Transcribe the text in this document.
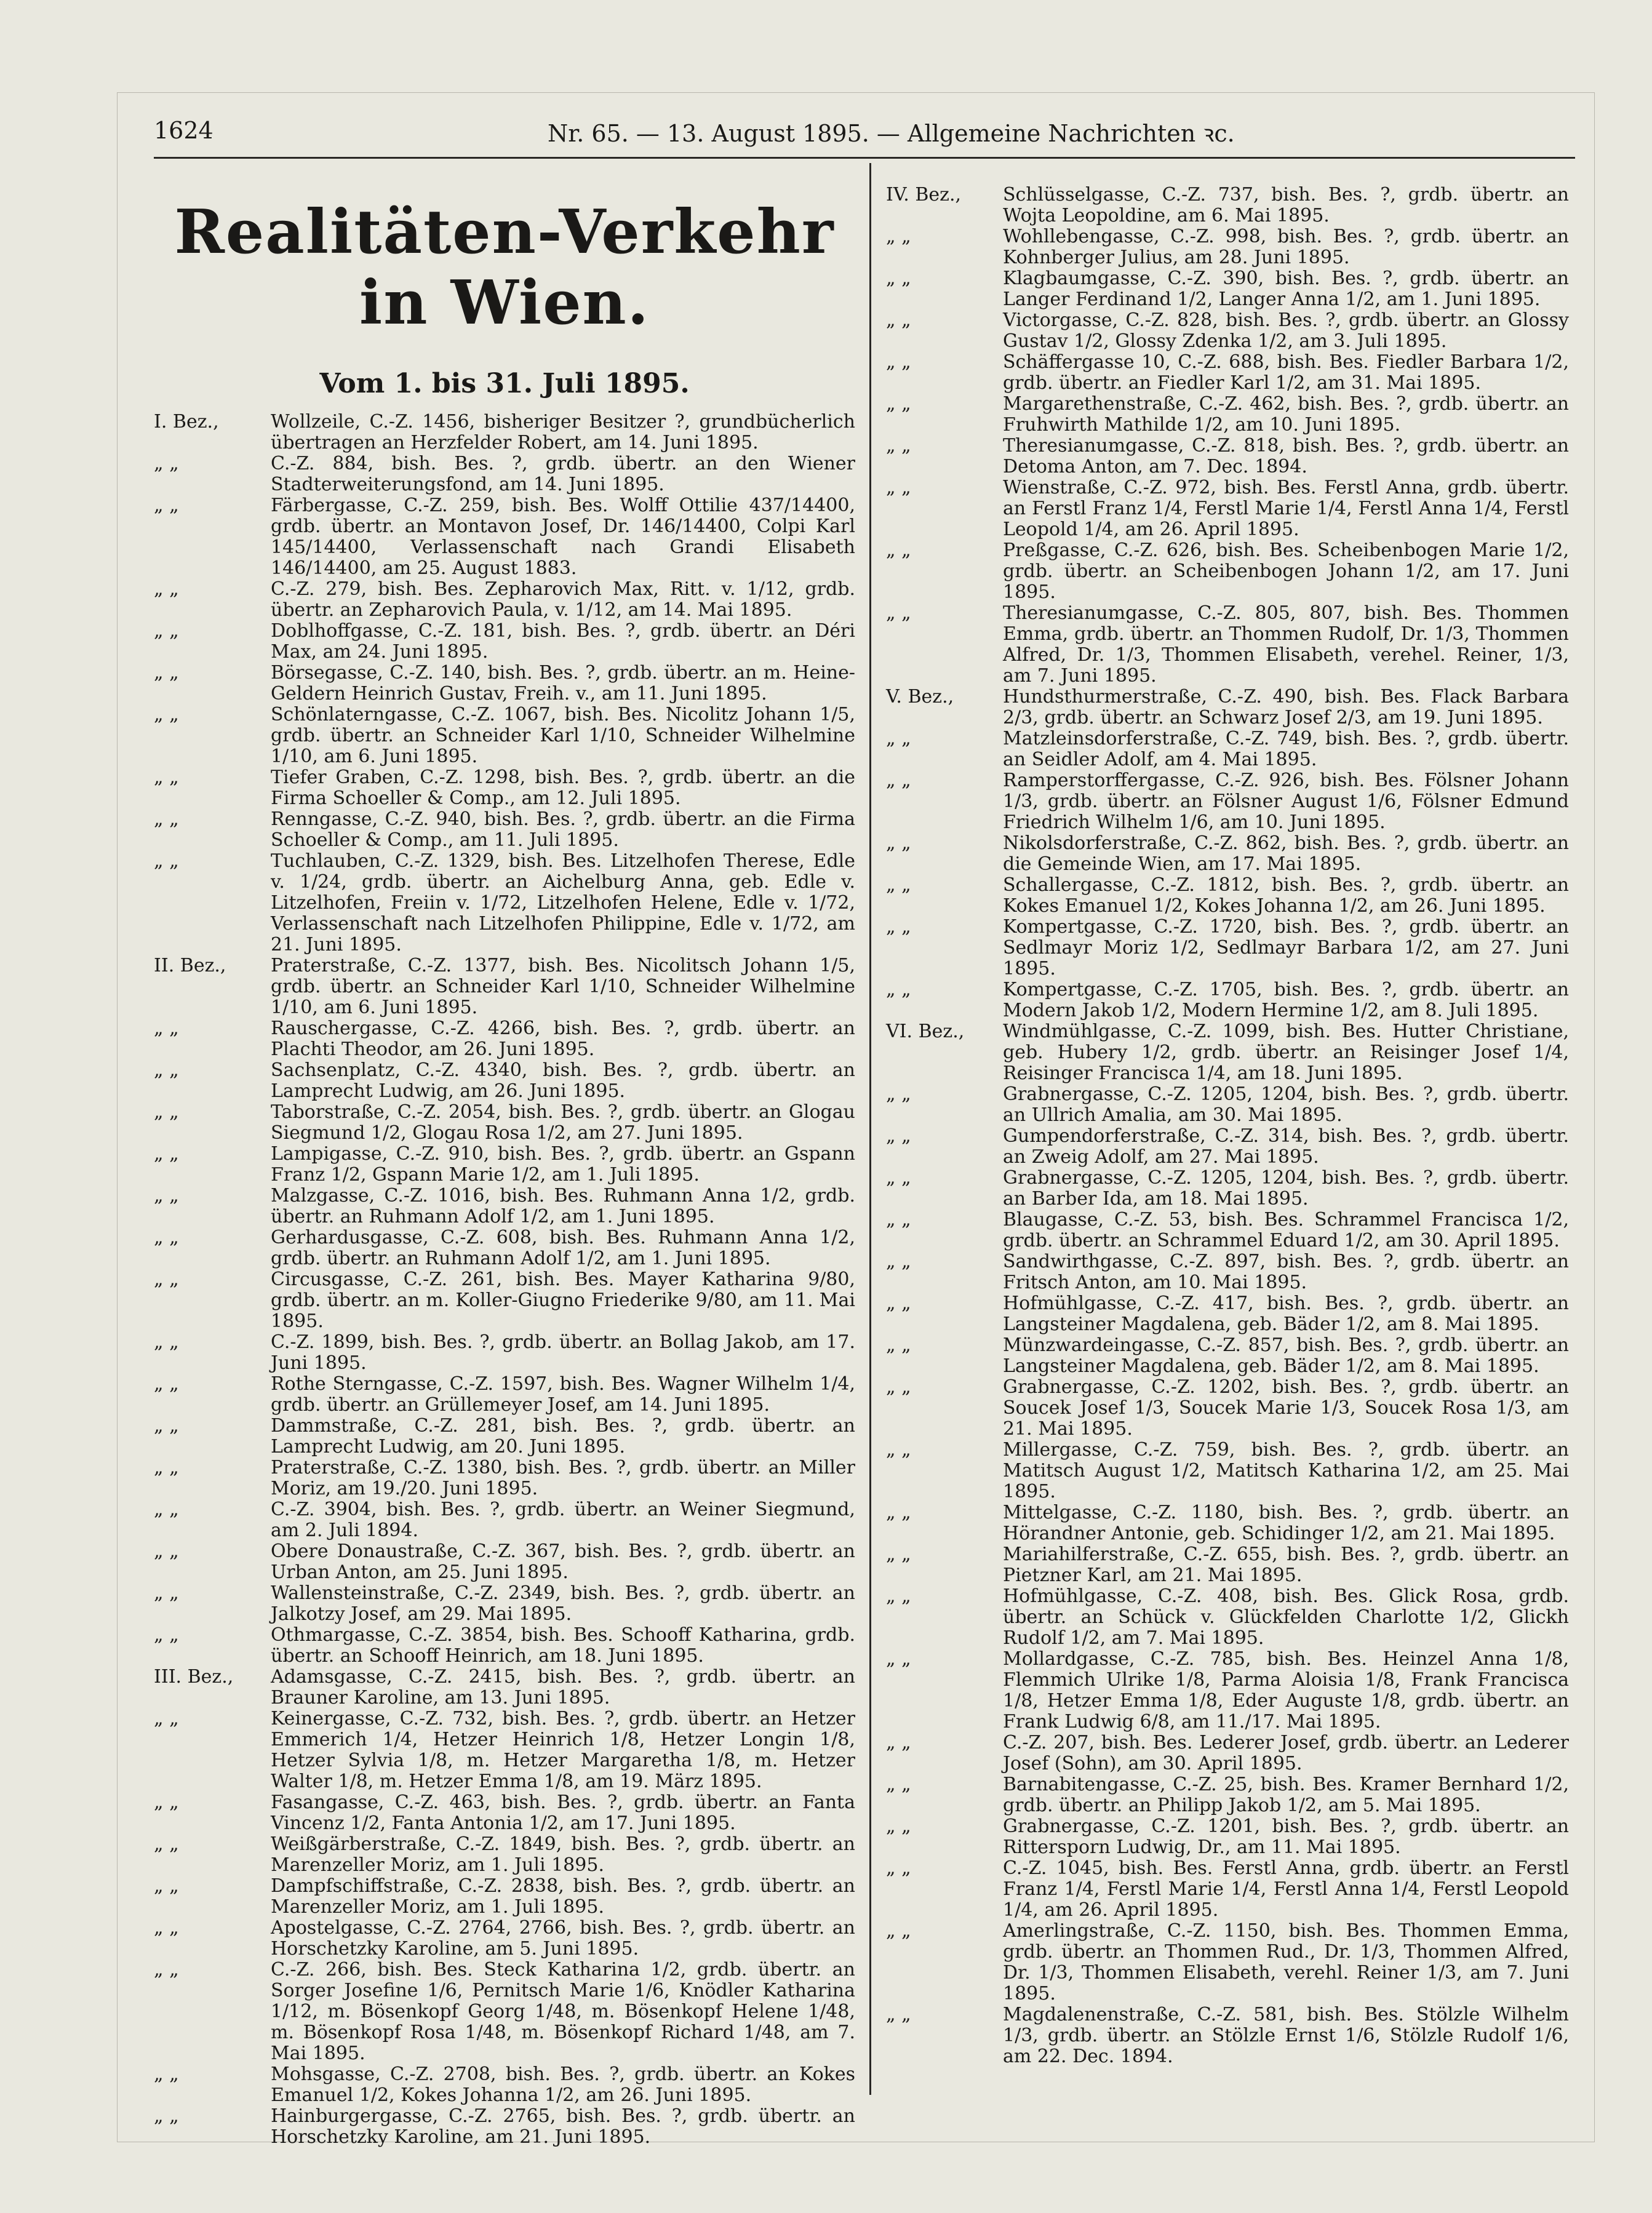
1624	Nr. 65. — 13. August 1895. — Allgemeine Nachrichten ꝛc.
Realitäten-Verkehr in Wien.
Vom 1. bis 31. Juli 1895.
I. Bez.,	Wollzeile, C.-Z. 1456, bisheriger Besitzer ?, grundbücherlich übertragen an Herzfelder Robert, am 14. Juni 1895.
„ „	C.-Z. 884, bish. Bes. ?, grdb. übertr. an den Wiener Stadterweiterungsfond, am 14. Juni 1895.
„ „	Färbergasse, C.-Z. 259, bish. Bes. Wolff Ottilie 437/14400, grdb. übertr. an Montavon Josef, Dr. 146/14400, Colpi Karl 145/14400, Verlassenschaft nach Grandi Elisabeth 146/14400, am 25. August 1883.
„ „	C.-Z. 279, bish. Bes. Zepharovich Max, Ritt. v. 1/12, grdb. übertr. an Zepharovich Paula, v. 1/12, am 14. Mai 1895.
„ „	Doblhoffgasse, C.-Z. 181, bish. Bes. ?, grdb. übertr. an Déri Max, am 24. Juni 1895.
„ „	Börsegasse, C.-Z. 140, bish. Bes. ?, grdb. übertr. an m. Heine-Geldern Heinrich Gustav, Freih. v., am 11. Juni 1895.
„ „	Schönlaterngasse, C.-Z. 1067, bish. Bes. Nicolitz Johann 1/5, grdb. übertr. an Schneider Karl 1/10, Schneider Wilhelmine 1/10, am 6. Juni 1895.
„ „	Tiefer Graben, C.-Z. 1298, bish. Bes. ?, grdb. übertr. an die Firma Schoeller & Comp., am 12. Juli 1895.
„ „	Renngasse, C.-Z. 940, bish. Bes. ?, grdb. übertr. an die Firma Schoeller & Comp., am 11. Juli 1895.
„ „	Tuchlauben, C.-Z. 1329, bish. Bes. Litzelhofen Therese, Edle v. 1/24, grdb. übertr. an Aichelburg Anna, geb. Edle v. Litzelhofen, Freiin v. 1/72, Litzelhofen Helene, Edle v. 1/72, Verlassenschaft nach Litzelhofen Philippine, Edle v. 1/72, am 21. Juni 1895.
II. Bez.,	Praterstraße, C.-Z. 1377, bish. Bes. Nicolitsch Johann 1/5, grdb. übertr. an Schneider Karl 1/10, Schneider Wilhelmine 1/10, am 6. Juni 1895.
„ „	Rauschergasse, C.-Z. 4266, bish. Bes. ?, grdb. übertr. an Plachti Theodor, am 26. Juni 1895.
„ „	Sachsenplatz, C.-Z. 4340, bish. Bes. ?, grdb. übertr. an Lamprecht Ludwig, am 26. Juni 1895.
„ „	Taborstraße, C.-Z. 2054, bish. Bes. ?, grdb. übertr. an Glogau Siegmund 1/2, Glogau Rosa 1/2, am 27. Juni 1895.
„ „	Lampigasse, C.-Z. 910, bish. Bes. ?, grdb. übertr. an Gspann Franz 1/2, Gspann Marie 1/2, am 1. Juli 1895.
„ „	Malzgasse, C.-Z. 1016, bish. Bes. Ruhmann Anna 1/2, grdb. übertr. an Ruhmann Adolf 1/2, am 1. Juni 1895.
„ „	Gerhardusgasse, C.-Z. 608, bish. Bes. Ruhmann Anna 1/2, grdb. übertr. an Ruhmann Adolf 1/2, am 1. Juni 1895.
„ „	Circusgasse, C.-Z. 261, bish. Bes. Mayer Katharina 9/80, grdb. übertr. an m. Koller-Giugno Friederike 9/80, am 11. Mai 1895.
„ „	C.-Z. 1899, bish. Bes. ?, grdb. übertr. an Bollag Jakob, am 17. Juni 1895.
„ „	Rothe Sterngasse, C.-Z. 1597, bish. Bes. Wagner Wilhelm 1/4, grdb. übertr. an Grüllemeyer Josef, am 14. Juni 1895.
„ „	Dammstraße, C.-Z. 281, bish. Bes. ?, grdb. übertr. an Lamprecht Ludwig, am 20. Juni 1895.
„ „	Praterstraße, C.-Z. 1380, bish. Bes. ?, grdb. übertr. an Miller Moriz, am 19./20. Juni 1895.
„ „	C.-Z. 3904, bish. Bes. ?, grdb. übertr. an Weiner Siegmund, am 2. Juli 1894.
„ „	Obere Donaustraße, C.-Z. 367, bish. Bes. ?, grdb. übertr. an Urban Anton, am 25. Juni 1895.
„ „	Wallensteinstraße, C.-Z. 2349, bish. Bes. ?, grdb. übertr. an Jalkotzy Josef, am 29. Mai 1895.
„ „	Othmargasse, C.-Z. 3854, bish. Bes. Schooff Katharina, grdb. übertr. an Schooff Heinrich, am 18. Juni 1895.
III. Bez.,	Adamsgasse, C.-Z. 2415, bish. Bes. ?, grdb. übertr. an Brauner Karoline, am 13. Juni 1895.
„ „	Keinergasse, C.-Z. 732, bish. Bes. ?, grdb. übertr. an Hetzer Emmerich 1/4, Hetzer Heinrich 1/8, Hetzer Longin 1/8, Hetzer Sylvia 1/8, m. Hetzer Margaretha 1/8, m. Hetzer Walter 1/8, m. Hetzer Emma 1/8, am 19. März 1895.
„ „	Fasangasse, C.-Z. 463, bish. Bes. ?, grdb. übertr. an Fanta Vincenz 1/2, Fanta Antonia 1/2, am 17. Juni 1895.
„ „	Weißgärberstraße, C.-Z. 1849, bish. Bes. ?, grdb. übertr. an Marenzeller Moriz, am 1. Juli 1895.
„ „	Dampfschiffstraße, C.-Z. 2838, bish. Bes. ?, grdb. übertr. an Marenzeller Moriz, am 1. Juli 1895.
„ „	Apostelgasse, C.-Z. 2764, 2766, bish. Bes. ?, grdb. übertr. an Horschetzky Karoline, am 5. Juni 1895.
„ „	C.-Z. 266, bish. Bes. Steck Katharina 1/2, grdb. übertr. an Sorger Josefine 1/6, Pernitsch Marie 1/6, Knödler Katharina 1/12, m. Bösenkopf Georg 1/48, m. Bösenkopf Helene 1/48, m. Bösenkopf Rosa 1/48, m. Bösenkopf Richard 1/48, am 7. Mai 1895.
„ „	Mohsgasse, C.-Z. 2708, bish. Bes. ?, grdb. übertr. an Kokes Emanuel 1/2, Kokes Johanna 1/2, am 26. Juni 1895.
„ „	Hainburgergasse, C.-Z. 2765, bish. Bes. ?, grdb. übertr. an Horschetzky Karoline, am 21. Juni 1895.
IV. Bez.,	Schlüsselgasse, C.-Z. 737, bish. Bes. ?, grdb. übertr. an Wojta Leopoldine, am 6. Mai 1895.
„ „	Wohllebengasse, C.-Z. 998, bish. Bes. ?, grdb. übertr. an Kohnberger Julius, am 28. Juni 1895.
„ „	Klagbaumgasse, C.-Z. 390, bish. Bes. ?, grdb. übertr. an Langer Ferdinand 1/2, Langer Anna 1/2, am 1. Juni 1895.
„ „	Victorgasse, C.-Z. 828, bish. Bes. ?, grdb. übertr. an Glossy Gustav 1/2, Glossy Zdenka 1/2, am 3. Juli 1895.
„ „	Schäffergasse 10, C.-Z. 688, bish. Bes. Fiedler Barbara 1/2, grdb. übertr. an Fiedler Karl 1/2, am 31. Mai 1895.
„ „	Margarethenstraße, C.-Z. 462, bish. Bes. ?, grdb. übertr. an Fruhwirth Mathilde 1/2, am 10. Juni 1895.
„ „	Theresianumgasse, C.-Z. 818, bish. Bes. ?, grdb. übertr. an Detoma Anton, am 7. Dec. 1894.
„ „	Wienstraße, C.-Z. 972, bish. Bes. Ferstl Anna, grdb. übertr. an Ferstl Franz 1/4, Ferstl Marie 1/4, Ferstl Anna 1/4, Ferstl Leopold 1/4, am 26. April 1895.
„ „	Preßgasse, C.-Z. 626, bish. Bes. Scheibenbogen Marie 1/2, grdb. übertr. an Scheibenbogen Johann 1/2, am 17. Juni 1895.
„ „	Theresianumgasse, C.-Z. 805, 807, bish. Bes. Thommen Emma, grdb. übertr. an Thommen Rudolf, Dr. 1/3, Thommen Alfred, Dr. 1/3, Thommen Elisabeth, verehel. Reiner, 1/3, am 7. Juni 1895.
V. Bez.,	Hundsthurmerstraße, C.-Z. 490, bish. Bes. Flack Barbara 2/3, grdb. übertr. an Schwarz Josef 2/3, am 19. Juni 1895.
„ „	Matzleinsdorferstraße, C.-Z. 749, bish. Bes. ?, grdb. übertr. an Seidler Adolf, am 4. Mai 1895.
„ „	Ramperstorffergasse, C.-Z. 926, bish. Bes. Fölsner Johann 1/3, grdb. übertr. an Fölsner August 1/6, Fölsner Edmund Friedrich Wilhelm 1/6, am 10. Juni 1895.
„ „	Nikolsdorferstraße, C.-Z. 862, bish. Bes. ?, grdb. übertr. an die Gemeinde Wien, am 17. Mai 1895.
„ „	Schallergasse, C.-Z. 1812, bish. Bes. ?, grdb. übertr. an Kokes Emanuel 1/2, Kokes Johanna 1/2, am 26. Juni 1895.
„ „	Kompertgasse, C.-Z. 1720, bish. Bes. ?, grdb. übertr. an Sedlmayr Moriz 1/2, Sedlmayr Barbara 1/2, am 27. Juni 1895.
„ „	Kompertgasse, C.-Z. 1705, bish. Bes. ?, grdb. übertr. an Modern Jakob 1/2, Modern Hermine 1/2, am 8. Juli 1895.
VI. Bez.,	Windmühlgasse, C.-Z. 1099, bish. Bes. Hutter Christiane, geb. Hubery 1/2, grdb. übertr. an Reisinger Josef 1/4, Reisinger Francisca 1/4, am 18. Juni 1895.
„ „	Grabnergasse, C.-Z. 1205, 1204, bish. Bes. ?, grdb. übertr. an Ullrich Amalia, am 30. Mai 1895.
„ „	Gumpendorferstraße, C.-Z. 314, bish. Bes. ?, grdb. übertr. an Zweig Adolf, am 27. Mai 1895.
„ „	Grabnergasse, C.-Z. 1205, 1204, bish. Bes. ?, grdb. übertr. an Barber Ida, am 18. Mai 1895.
„ „	Blaugasse, C.-Z. 53, bish. Bes. Schrammel Francisca 1/2, grdb. übertr. an Schrammel Eduard 1/2, am 30. April 1895.
„ „	Sandwirthgasse, C.-Z. 897, bish. Bes. ?, grdb. übertr. an Fritsch Anton, am 10. Mai 1895.
„ „	Hofmühlgasse, C.-Z. 417, bish. Bes. ?, grdb. übertr. an Langsteiner Magdalena, geb. Bäder 1/2, am 8. Mai 1895.
„ „	Münzwardeingasse, C.-Z. 857, bish. Bes. ?, grdb. übertr. an Langsteiner Magdalena, geb. Bäder 1/2, am 8. Mai 1895.
„ „	Grabnergasse, C.-Z. 1202, bish. Bes. ?, grdb. übertr. an Soucek Josef 1/3, Soucek Marie 1/3, Soucek Rosa 1/3, am 21. Mai 1895.
„ „	Millergasse, C.-Z. 759, bish. Bes. ?, grdb. übertr. an Matitsch August 1/2, Matitsch Katharina 1/2, am 25. Mai 1895.
„ „	Mittelgasse, C.-Z. 1180, bish. Bes. ?, grdb. übertr. an Hörandner Antonie, geb. Schidinger 1/2, am 21. Mai 1895.
„ „	Mariahilferstraße, C.-Z. 655, bish. Bes. ?, grdb. übertr. an Pietzner Karl, am 21. Mai 1895.
„ „	Hofmühlgasse, C.-Z. 408, bish. Bes. Glick Rosa, grdb. übertr. an Schück v. Glückfelden Charlotte 1/2, Glickh Rudolf 1/2, am 7. Mai 1895.
„ „	Mollardgasse, C.-Z. 785, bish. Bes. Heinzel Anna 1/8, Flemmich Ulrike 1/8, Parma Aloisia 1/8, Frank Francisca 1/8, Hetzer Emma 1/8, Eder Auguste 1/8, grdb. übertr. an Frank Ludwig 6/8, am 11./17. Mai 1895.
„ „	C.-Z. 207, bish. Bes. Lederer Josef, grdb. übertr. an Lederer Josef (Sohn), am 30. April 1895.
„ „	Barnabitengasse, C.-Z. 25, bish. Bes. Kramer Bernhard 1/2, grdb. übertr. an Philipp Jakob 1/2, am 5. Mai 1895.
„ „	Grabnergasse, C.-Z. 1201, bish. Bes. ?, grdb. übertr. an Rittersporn Ludwig, Dr., am 11. Mai 1895.
„ „	C.-Z. 1045, bish. Bes. Ferstl Anna, grdb. übertr. an Ferstl Franz 1/4, Ferstl Marie 1/4, Ferstl Anna 1/4, Ferstl Leopold 1/4, am 26. April 1895.
„ „	Amerlingstraße, C.-Z. 1150, bish. Bes. Thommen Emma, grdb. übertr. an Thommen Rud., Dr. 1/3, Thommen Alfred, Dr. 1/3, Thommen Elisabeth, verehl. Reiner 1/3, am 7. Juni 1895.
„ „	Magdalenenstraße, C.-Z. 581, bish. Bes. Stölzle Wilhelm 1/3, grdb. übertr. an Stölzle Ernst 1/6, Stölzle Rudolf 1/6, am 22. Dec. 1894.
